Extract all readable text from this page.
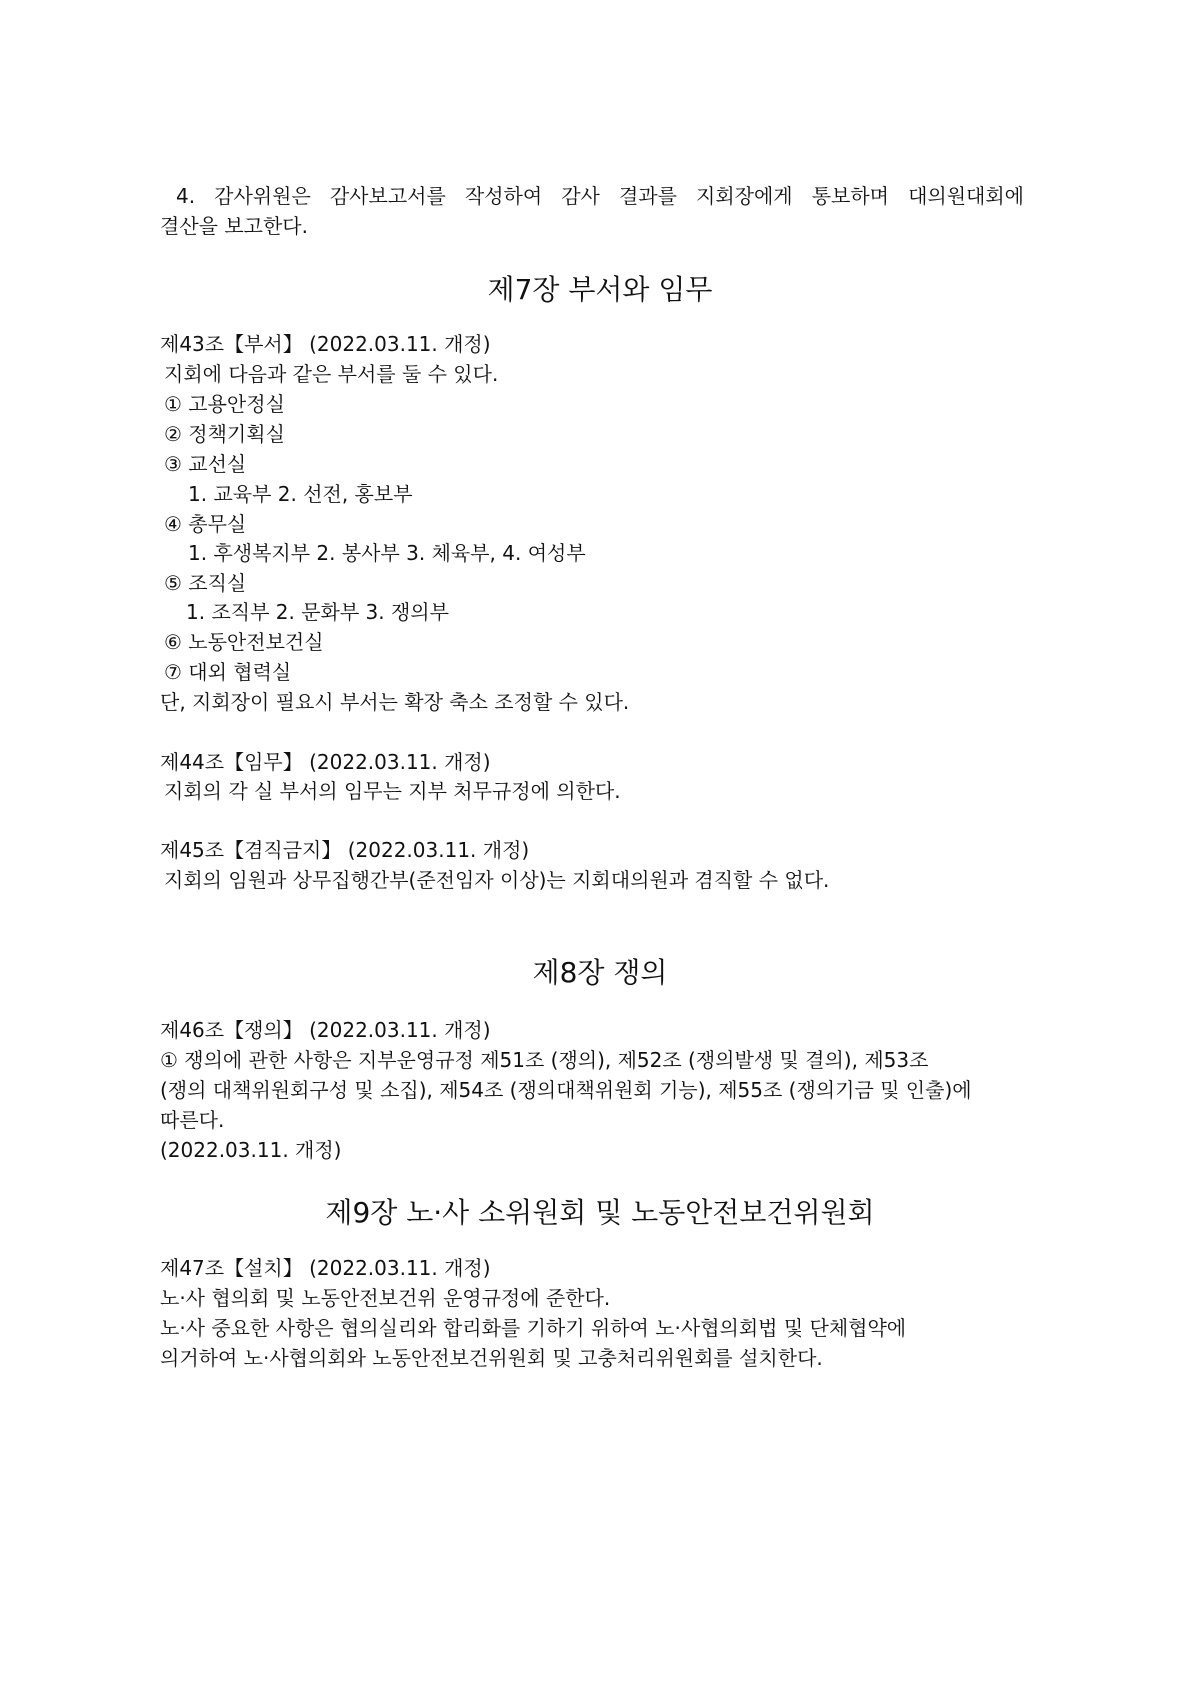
4. 감사위원은 감사보고서를 작성하여 감사 결과를 지회장에게 통보하며 대의원대회에
결산을 보고한다.
제7장 부서와 임무
제43조【부서】 (2022.03.11. 개정)
지회에 다음과 같은 부서를 둘 수 있다.
① 고용안정실
② 정책기획실
③ 교선실
1. 교육부 2. 선전, 홍보부
④ 총무실
1. 후생복지부 2. 봉사부 3. 체육부, 4. 여성부
⑤ 조직실
1. 조직부 2. 문화부 3. 쟁의부
⑥ 노동안전보건실
⑦ 대외 협력실
단, 지회장이 필요시 부서는 확장 축소 조정할 수 있다.
제44조【임무】 (2022.03.11. 개정)
지회의 각 실 부서의 임무는 지부 처무규정에 의한다.
제45조【겸직금지】 (2022.03.11. 개정)
지회의 임원과 상무집행간부(준전임자 이상)는 지회대의원과 겸직할 수 없다.
제8장 쟁의
제46조【쟁의】 (2022.03.11. 개정)
① 쟁의에 관한 사항은 지부운영규정 제51조 (쟁의), 제52조 (쟁의발생 및 결의), 제53조
(쟁의 대책위원회구성 및 소집), 제54조 (쟁의대책위원회 기능), 제55조 (쟁의기금 및 인출)에
따른다.
(2022.03.11. 개정)
제9장 노·사 소위원회 및 노동안전보건위원회
제47조【설치】 (2022.03.11. 개정)
노·사 협의회 및 노동안전보건위 운영규정에 준한다.
노·사 중요한 사항은 협의실리와 합리화를 기하기 위하여 노·사협의회법 및 단체협약에
의거하여 노·사협의회와 노동안전보건위원회 및 고충처리위원회를 설치한다.
